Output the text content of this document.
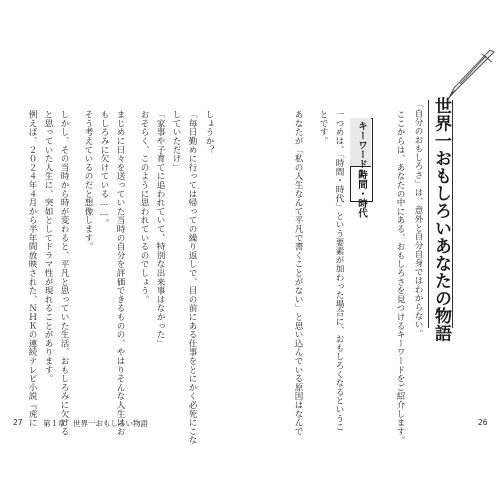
世界一おもしろいあなたの物語
「自分のおもしろさ」は、意外と自分自身ではわからない。
ここからは、あなたの中にある、おもしろさを見つけるキーワードをご紹介します。
キーワード1
時間・時代
一つめは、「時間・時代」という要素が加わった場合に、おもしろくなるというこ
とです。
あなたが「私の人生なんて平凡で書くことがない」と思い込んでいる原因はなんで
しょうか？
「毎日勤めに行っては帰っての繰り返しで、目の前にある仕事をとにかく必死にこな
していただけ」
「家事や子育てに追われていて、特別な出来事はなかった」
おそらく、このように思われているのでしょう。
まじめに日々を送っていた当時の自分を評価できるものの、やはりそんな人生はお
もしろみに欠けている……。
そう考えているのだと想像します。
しかし、その当時から時が変わると、平凡と思っていた生活、おもしろみに欠ける
と思っていた人生に、突如としてドラマ性が現れることがあります。
例えば、２０２４年４月から半年間放映された、ＮＨＫの連続テレビ小説『虎に	26
27	第１章　世界一おもしろい物語
